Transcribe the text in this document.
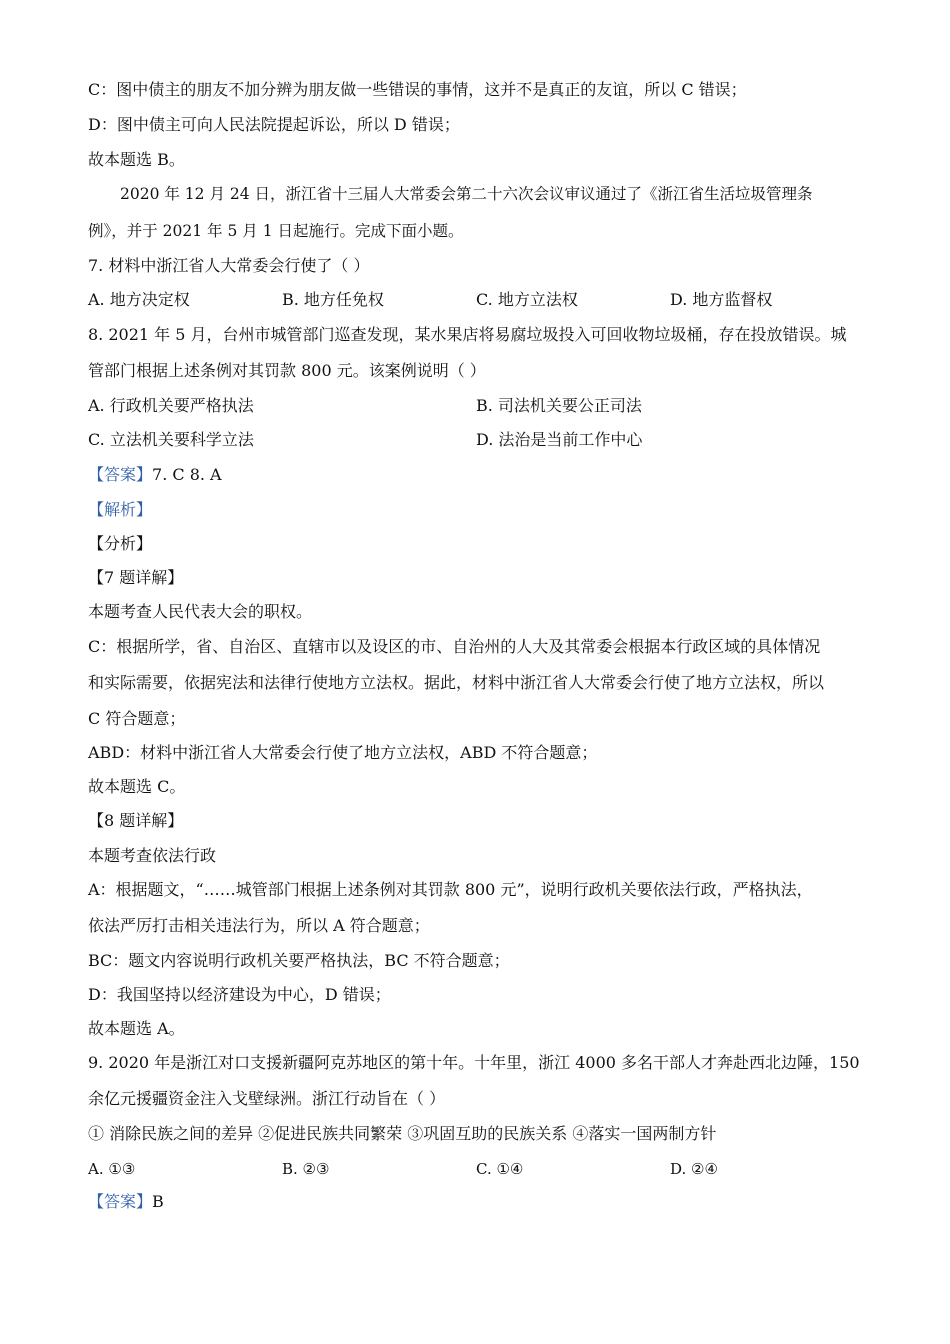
C：图中债主的朋友不加分辨为朋友做一些错误的事情，这并不是真正的友谊，所以 C 错误；
D：图中债主可向人民法院提起诉讼，所以 D 错误；
故本题选 B。
2020 年 12 月 24 日，浙江省十三届人大常委会第二十六次会议审议通过了《浙江省生活垃圾管理条
例》，并于 2021 年 5 月 1 日起施行。完成下面小题。
7. 材料中浙江省人大常委会行使了（ ）
A. 地方决定权	B. 地方任免权	C. 地方立法权	D. 地方监督权
8. 2021 年 5 月，台州市城管部门巡查发现，某水果店将易腐垃圾投入可回收物垃圾桶，存在投放错误。城
管部门根据上述条例对其罚款 800 元。该案例说明（ ）
A. 行政机关要严格执法	B. 司法机关要公正司法
C. 立法机关要科学立法	D. 法治是当前工作中心
【答案】7. C 8. A
【解析】
【分析】
【7 题详解】
本题考查人民代表大会的职权。
C：根据所学，省、自治区、直辖市以及设区的市、自治州的人大及其常委会根据本行政区域的具体情况
和实际需要，依据宪法和法律行使地方立法权。据此，材料中浙江省人大常委会行使了地方立法权，所以
C 符合题意；
ABD：材料中浙江省人大常委会行使了地方立法权，ABD 不符合题意；
故本题选 C。
【8 题详解】
本题考查依法行政
A：根据题文，“……城管部门根据上述条例对其罚款 800 元”，说明行政机关要依法行政，严格执法，
依法严厉打击相关违法行为，所以 A 符合题意；
BC：题文内容说明行政机关要严格执法，BC 不符合题意；
D：我国坚持以经济建设为中心，D 错误；
故本题选 A。
9. 2020 年是浙江对口支援新疆阿克苏地区的第十年。十年里，浙江 4000 多名干部人才奔赴西北边陲，150
余亿元援疆资金注入戈壁绿洲。浙江行动旨在（ ）
① 消除民族之间的差异 ②促进民族共同繁荣 ③巩固互助的民族关系 ④落实一国两制方针
A. ①③	B. ②③	C. ①④	D. ②④
【答案】B
